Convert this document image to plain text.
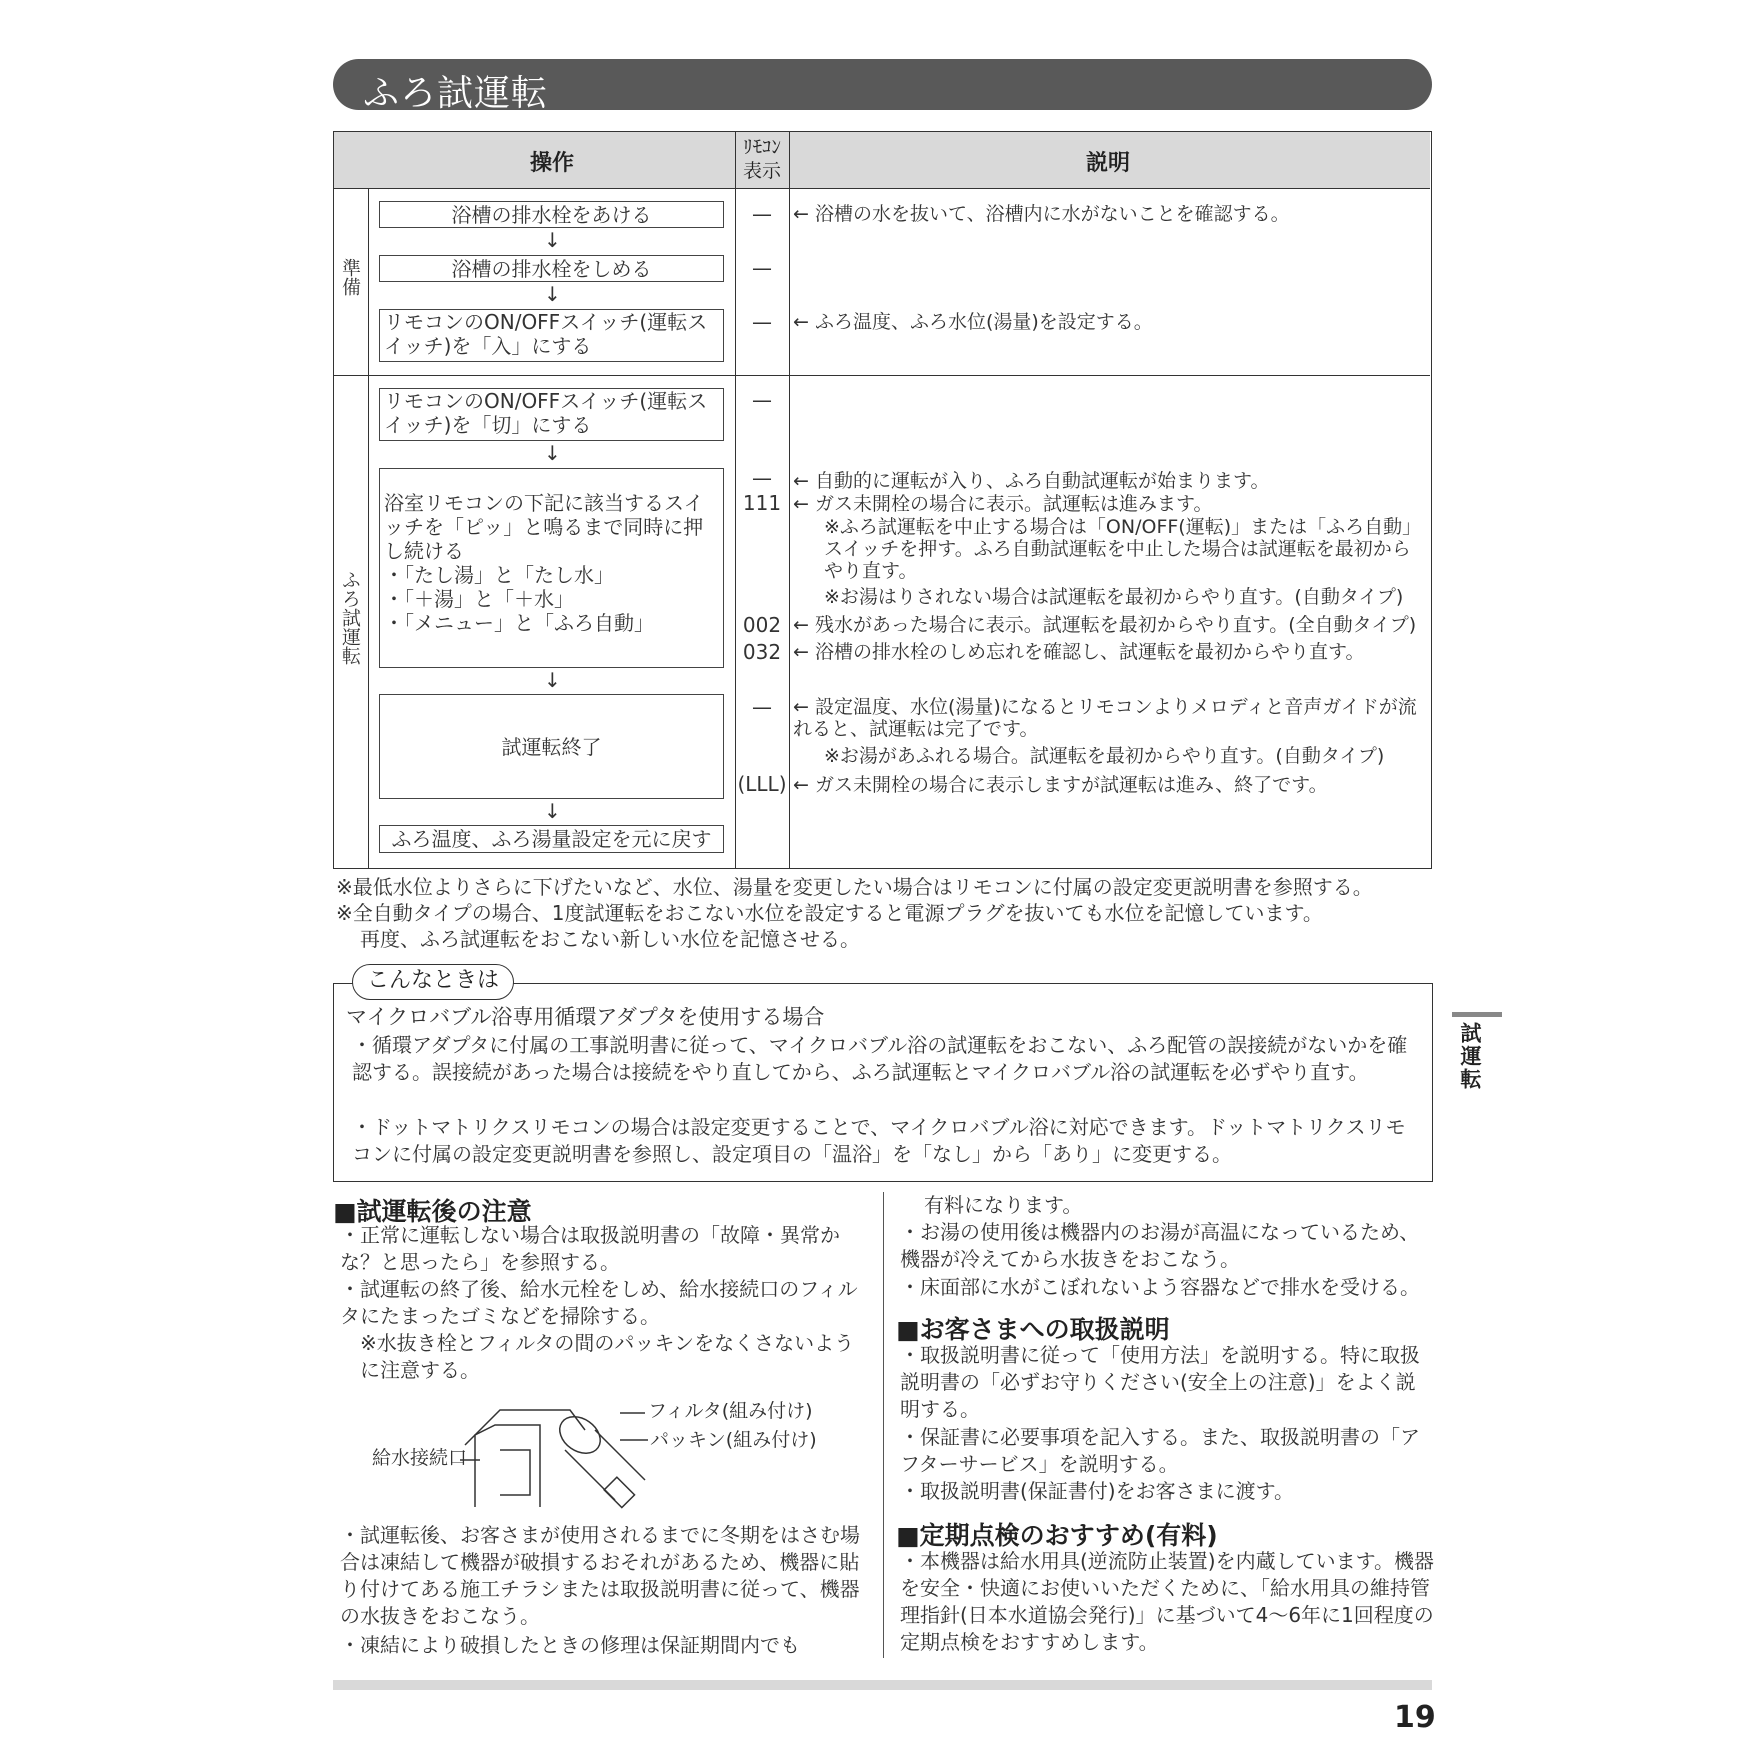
ふろ試運転
操作
ﾘﾓｺﾝ
表示	説明
準備
ふろ試運転
浴槽の排水栓をあける
↓
浴槽の排水栓をしめる
↓
リモコンのON/OFFスイッチ(運転スイッチ)を「入」にする
リモコンのON/OFFスイッチ(運転スイッチ)を「切」にする
↓
浴室リモコンの下記に該当するスイッチを「ピッ」と鳴るまで同時に押し続ける
・「たし湯」と「たし水」
・「＋湯」と「＋水」
・「メニュー」と「ふろ自動」
↓
試運転終了
↓
ふろ温度、ふろ湯量設定を元に戻す
—
—
—
—
—
111
002
032
—
(LLL)
← 浴槽の水を抜いて、浴槽内に水がないことを確認する。
← ふろ温度、ふろ水位(湯量)を設定する。
← 自動的に運転が入り、ふろ自動試運転が始まります。
← ガス未開栓の場合に表示。試運転は進みます。
※ふろ試運転を中止する場合は「ON/OFF(運転)」または「ふろ自動」スイッチを押す。ふろ自動試運転を中止した場合は試運転を最初からやり直す。
※お湯はりされない場合は試運転を最初からやり直す。(自動タイプ)
← 残水があった場合に表示。試運転を最初からやり直す。(全自動タイプ)
← 浴槽の排水栓のしめ忘れを確認し、試運転を最初からやり直す。
← 設定温度、水位(湯量)になるとリモコンよりメロディと音声ガイドが流れると、試運転は完了です。
※お湯があふれる場合。試運転を最初からやり直す。(自動タイプ)
← ガス未開栓の場合に表示しますが試運転は進み、終了です。
※最低水位よりさらに下げたいなど、水位、湯量を変更したい場合はリモコンに付属の設定変更説明書を参照する。
※全自動タイプの場合、1度試運転をおこない水位を設定すると電源プラグを抜いても水位を記憶しています。
再度、ふろ試運転をおこない新しい水位を記憶させる。
マイクロバブル浴専用循環アダプタを使用する場合
・循環アダプタに付属の工事説明書に従って、マイクロバブル浴の試運転をおこない、ふろ配管の誤接続がないかを確認する。誤接続があった場合は接続をやり直してから、ふろ試運転とマイクロバブル浴の試運転を必ずやり直す。
・ドットマトリクスリモコンの場合は設定変更することで、マイクロバブル浴に対応できます。ドットマトリクスリモコンに付属の設定変更説明書を参照し、設定項目の「温浴」を「なし」から「あり」に変更する。
こんなときは
■試運転後の注意
・正常に運転しない場合は取扱説明書の「故障・異常かな？と思ったら」を参照する。
・試運転の終了後、給水元栓をしめ、給水接続口のフィルタにたまったゴミなどを掃除する。
※水抜き栓とフィルタの間のパッキンをなくさないように注意する。
フィルタ(組み付け)
パッキン(組み付け)
給水接続口
・試運転後、お客さまが使用されるまでに冬期をはさむ場合は凍結して機器が破損するおそれがあるため、機器に貼り付けてある施工チラシまたは取扱説明書に従って、機器の水抜きをおこなう。
・凍結により破損したときの修理は保証期間内でも
有料になります。
・お湯の使用後は機器内のお湯が高温になっているため、機器が冷えてから水抜きをおこなう。
・床面部に水がこぼれないよう容器などで排水を受ける。
■お客さまへの取扱説明
・取扱説明書に従って「使用方法」を説明する。特に取扱説明書の「必ずお守りください(安全上の注意)」をよく説明する。
・保証書に必要事項を記入する。また、取扱説明書の「アフターサービス」を説明する。
・取扱説明書(保証書付)をお客さまに渡す。
■定期点検のおすすめ(有料)
・本機器は給水用具(逆流防止装置)を内蔵しています。機器を安全・快適にお使いいただくために、「給水用具の維持管理指針(日本水道協会発行)」に基づいて4〜6年に1回程度の定期点検をおすすめします。
試運転
19
